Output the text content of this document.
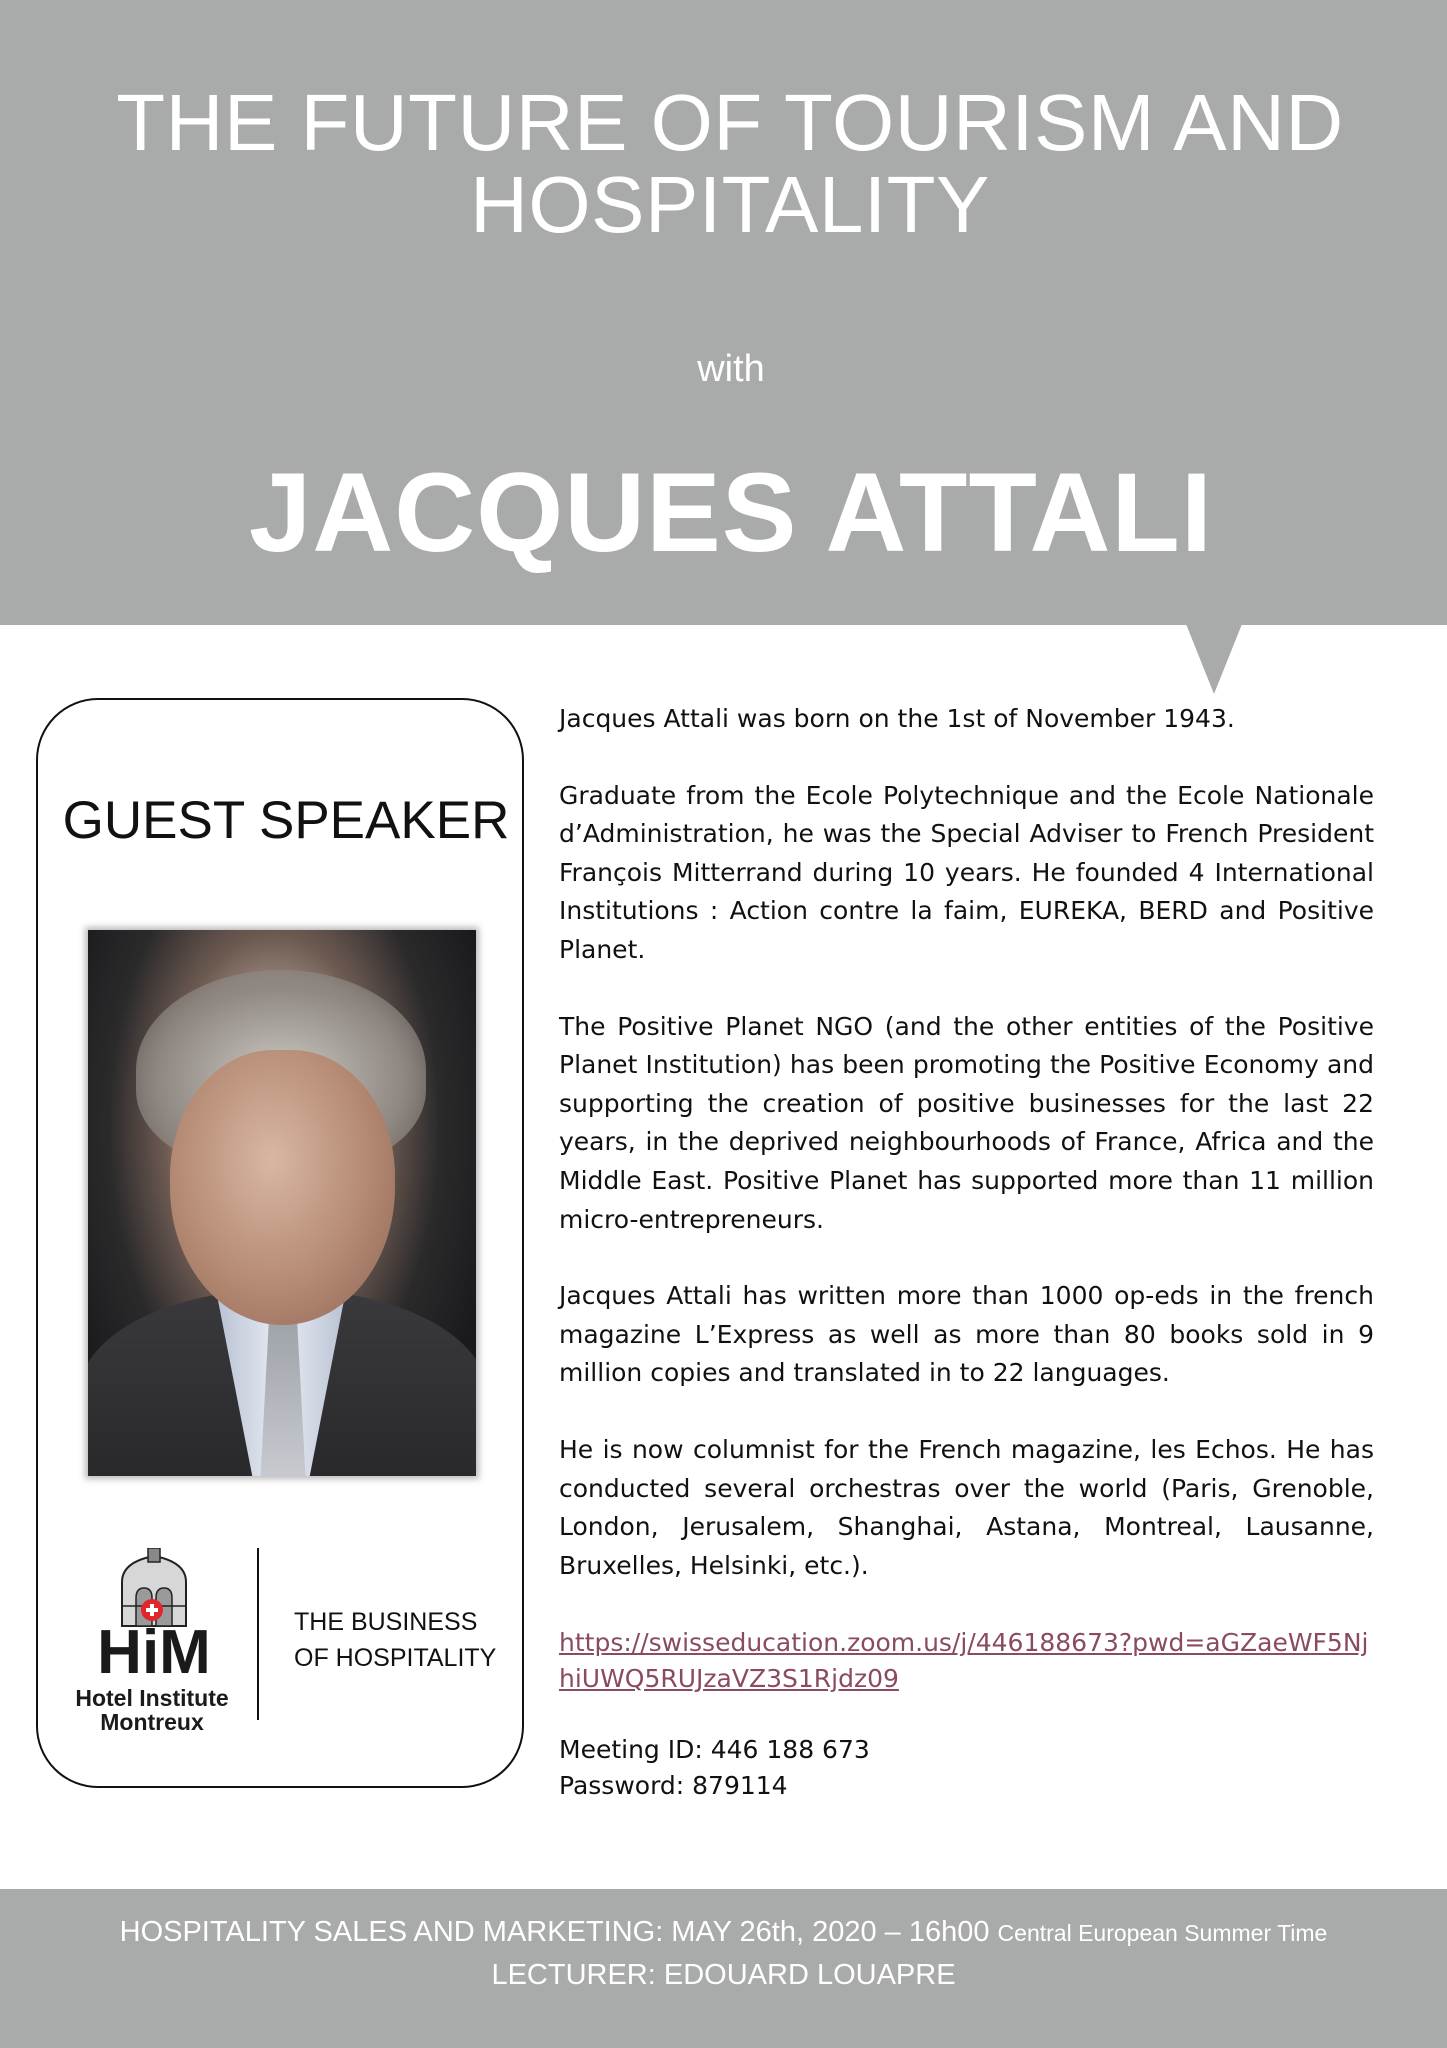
THE FUTURE OF TOURISM AND HOSPITALITY
with
JACQUES ATTALI
GUEST SPEAKER
HiM
Hotel Institute
Montreux
THE BUSINESS
OF HOSPITALITY

Jacques Attali was born on the 1st of November 1943.

Graduate from the Ecole Polytechnique and the Ecole Nationale d’Administration, he was the Special Adviser to French President François Mitterrand during 10 years. He founded 4 International Institutions : Action contre la faim, EUREKA, BERD and Positive Planet.

The Positive Planet NGO (and the other entities of the Positive Planet Institution) has been promoting the Positive Economy and supporting the creation of positive businesses for the last 22 years, in the deprived neighbourhoods of France, Africa and the Middle East. Positive Planet has supported more than 11 million micro-entrepreneurs.

Jacques Attali has written more than 1000 op-eds in the french magazine L’Express as well as more than 80 books sold in 9 million copies and translated in to 22 languages.

He is now columnist for the French magazine, les Echos. He has conducted several orchestras over the world (Paris, Grenoble, London, Jerusalem, Shanghai, Astana, Montreal, Lausanne, Bruxelles, Helsinki, etc.).

https://swisseducation.zoom.us/j/446188673?pwd=aGZaeWF5NjhiUWQ5RUJzaVZ3S1Rjdz09
Meeting ID: 446 188 673
Password: 879114
HOSPITALITY SALES AND MARKETING: MAY 26th, 2020 – 16h00 Central European Summer Time
LECTURER: EDOUARD LOUAPRE
